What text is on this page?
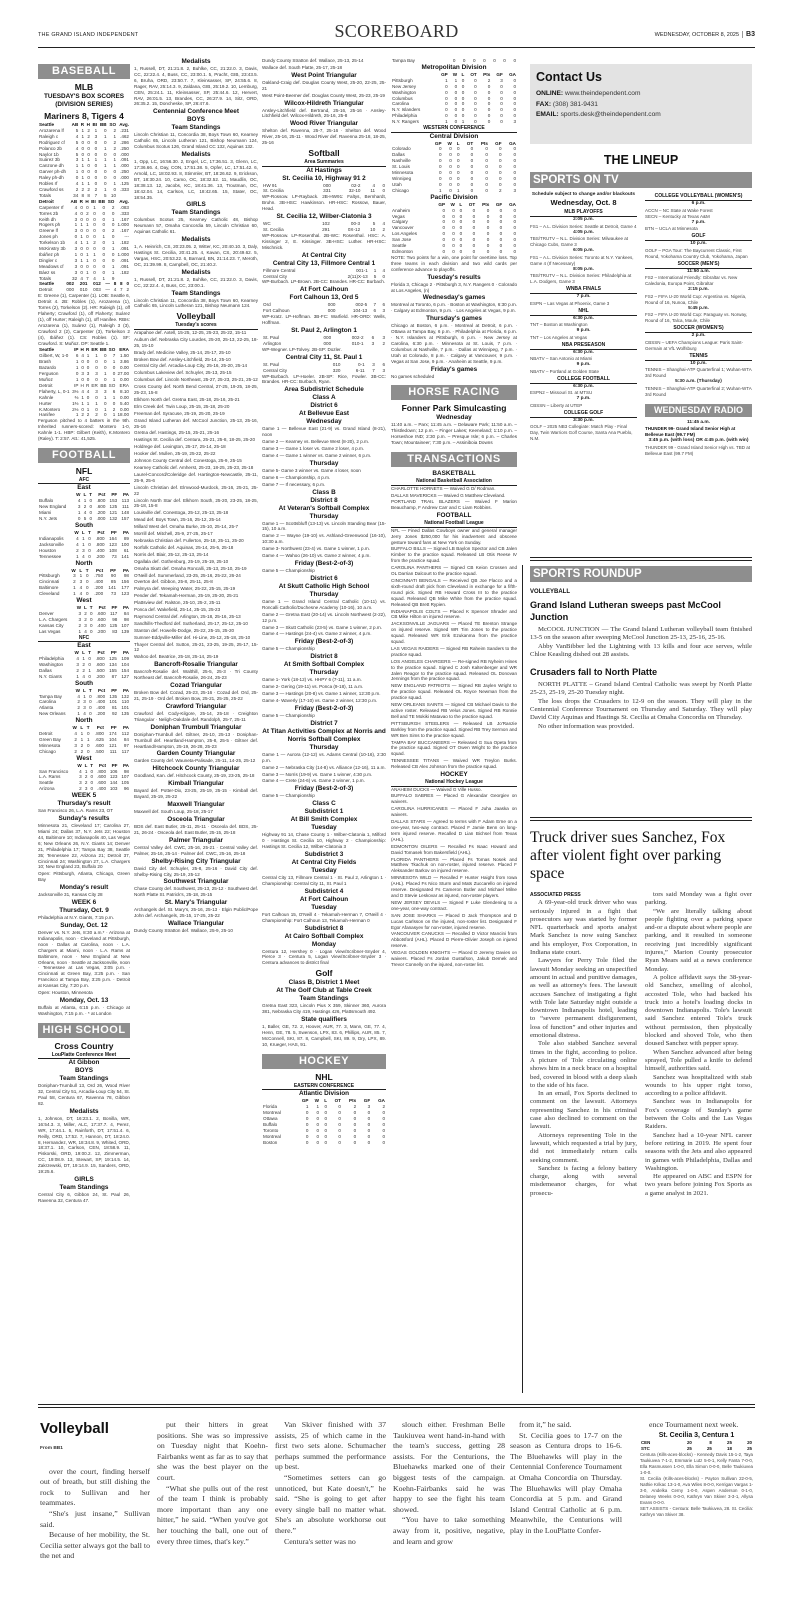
THE GRAND ISLAND INDEPENDENT	SCOREBOARD	WEDNESDAY, OCTOBER 8, 2025 B3
BASEBALL
MLB
TUESDAY'S BOX SCORES (DIVISION SERIES)
Mariners 8, Tigers 4
Seattle	AB	R	H	BI	BB	SO	Avg.
Arozarena lf	5	1	2	1	0	2	.231
Raleigh c	4	1	2	3	1	1	.462
Rodriguez cf	5	0	0	0	0	2	.286
Polanco 2b	4	0	0	0	1	2	.250
Naylor 1b	5	0	0	0	0	0	.000
Suárez 3b	3	1	1	1	1	1	.091
Canzone dh	1	1	0	0	1	1	.000
Garver ph-dh	1	0	0	0	0	0	.250
Raley ph-dh	0	1	0	0	0	0	.000
Robles rf	4	1	1	0	0	1	.125
Crawford ss	2	2	2	2	1	0	.333
Totals	34	8	8	7	5	10	
Detroit	AB	R	H	BI	BB	SO	Avg.
Carpenter rf	4	0	0	1	0	2	.083
Torres 2b	4	0	2	0	0	0	.333
Keith dh	3	0	0	0	0	1	.167
Rogers ph	1	1	1	0	0	0	1.000
Greene lf	3	0	0	0	0	2	.167
Jones ph	0	1	0	0	1	0	---
Torkelson 1b	4	1	1	2	0	1	.182
McKinstry 3b	3	0	0	0	0	1	.091
Ibáñez ph	1	0	1	1	0	0	1.000
Dingler c	3	1	1	0	0	0	.091
Meadows cf	3	0	0	0	0	1	.091
Báez ss	3	0	1	0	0	1	.182
Totals	32	4	7	4	1	9	
Seattle	002	201	012	—	8	8	0
Detroit	000	010	003	—	4	7	2
E: Greene (1), Carpenter (1). LOB: Seattle 6, Detroit 4. 2B: Robles (1), Arozarena (1), Torres (2), Torkelson (2). HR: Raleigh (1), off Flaherty; Crawford (1), off Flaherty; Suárez (1), off Hurter; Raleigh (1), off Hanifee. RBIs: Arozarena (1), Suárez (1), Raleigh 3 (3), Crawford 2 (2), Carpenter (3), Torkelson 2 (4), Ibáñez (1). CS: Robles (1). SF: Crawford. S: Muñoz. DP: Seattle 1.
Seattle	IP	H	R	ER	BB	SO	ERA
Gilbert, W, 1-0	6	4	1	1	0	7	1.50
Brash	1	0	0	0	0	1	3.86
Bazardo	1	0	0	0	0	0	0.00
Ferguson	0	3	3	3	1	0	27.00
Muñoz	1	0	0	0	0	1	0.00
Detroit	IP	H	R	ER	BB	SO	ERA
Flaherty, L, 0-1	3⅓	4	4	3	3	6	8.10
Kahnle	⅔	1	0	0	1	1	0.00
Hurter	1⅔	1	1	1	0	0	5.40
K.Montero	2⅓	0	1	0	1	2	0.00
Hanifee	1	2	2	2	0	1	18.00
Ferguson pitched to 4 batters in the 9th. Inherited runners-scored: Montero 1-0, Kahnle 1-1. HBP: Gilbert (Keith), K.Montero (Raley). T: 2:57. Att.: 41,525.
FOOTBALL
NFL
AFC
East
	W	L	T	Pct	PF	PA
Buffalo	4	1	0	.800	153	113
New England	3	2	0	.600	125	111
Miami	1	4	0	.200	121	148
N.Y. Jets	0	5	0	.000	132	157
South
	W	L	T	Pct	PF	PA
Indianapolis	4	1	0	.800	164	89
Jacksonville	4	1	0	.800	123	100
Houston	2	3	0	.400	108	61
Tennessee	1	4	0	.200	73	141
North
	W	L	T	Pct	PF	PA
Pittsburgh	3	1	0	.750	90	98
Cincinnati	2	3	0	.400	85	156
Baltimore	1	4	0	.200	141	177
Cleveland	1	4	0	.200	73	123
West
	W	L	T	Pct	PF	PA
Denver	3	2	0	.600	117	84
L.A. Chargers	3	2	0	.600	98	98
Kansas City	2	3	0	.400	125	107
Las Vegas	1	4	0	.200	83	139
NFC
East
	W	L	T	Pct	PF	PA
Philadelphia	4	1	0	.800	125	109
Washington	3	2	0	.600	134	104
Dallas	2	2	1	.500	155	154
N.Y. Giants	1	4	0	.200	87	127
South
	W	L	T	Pct	PF	PA
Tampa Bay	4	1	0	.800	135	132
Carolina	2	3	0	.400	101	110
Atlanta	2	3	0	.400	81	101
New Orleans	1	4	0	.200	92	135
North
	W	L	T	Pct	PF	PA
Detroit	4	1	0	.800	174	112
Green Bay	2	1	1	.625	104	84
Minnesota	3	2	0	.600	121	97
Chicago	2	2	0	.500	111	117
West
	W	L	T	Pct	PF	PA
San Francisco	4	1	0	.800	106	98
L.A. Rams	3	2	0	.600	123	107
Seattle	3	2	0	.600	144	105
Arizona	2	3	0	.400	103	96
WEEK 5
Thursday's result
San Francisco 26, L.A. Rams 23, OT
Sunday's results
Minnesota 21, Cleveland 17; Carolina 27, Miami 24; Dallas 37, N.Y. Jets 22; Houston 44, Baltimore 10; Indianapolis 40, Las Vegas 6; New Orleans 26, N.Y. Giants 14; Denver 21, Philadelphia 17; Tampa Bay 38, Seattle 35; Tennessee 22, Arizona 21; Detroit 37, Cincinnati 24; Washington 27, L.A. Chargers 10; New England 23, Buffalo 20
Open: Pittsburgh, Atlanta, Chicago, Green Bay
Monday's result
Jacksonville 31, Kansas City 28
WEEK 6
Thursday, Oct. 9
Philadelphia at N.Y. Giants, 7:15 p.m.
Sunday, Oct. 12
Denver vs. N.Y. Jets, 8:30 a.m.* · Arizona at Indianapolis, noon · Cleveland at Pittsburgh, noon · Dallas at Carolina, noon · L.A. Chargers at Miami, noon · L.A. Rams at Baltimore, noon · New England at New Orleans, noon · Seattle at Jacksonville, noon · Tennessee at Las Vegas, 3:05 p.m. · Cincinnati at Green Bay, 3:25 p.m. · San Francisco at Tampa Bay, 3:25 p.m. · Detroit at Kansas City, 7:20 p.m.
Open: Houston, Minnesota
Monday, Oct. 13
Buffalo at Atlanta, 6:15 p.m. · Chicago at Washington, 7:15 p.m. · * at London
HIGH SCHOOL
Cross Country
LouPlatte Conference Meet
At Gibbon
BOYS
Team Standings
Doniphan-Trumbull 13, Ord 26, Wood River 32, Central City 51, Arcadia-Loup City 54, St. Paul 58, Centura 67, Ravenna 78, Gibbon 82.
Medalists
1, Johnson, DT, 16:23.1. 2, Bonilla, WR, 16:54.3. 3, Miller, ALC, 17:37.7. 4, Perez, WR, 17:44.1. 5, Rainforth, DT, 17:51.4. 6, Reilly, ORD, 17:52. 7, Hannon, DT, 18:24.0. 8, Hernandez, WR, 18:34.8. 9, Whited, ORD, 18:37.1. 10, Carlson, CEN, 18:58.9. 11, Piskorski, ORD, 19:00.2. 12, Zimmerman, CC, 19:08.9. 13, Stewart, SP, 19:14.5. 14, Zakrzewski, DT, 19:14.9. 15, Sanders, ORD, 19:25.6.
GIRLS
Team Standings
Central City 6, Gibbon 24, St. Paul 26, Ravenna 32, Centura 47.
Medalists
1, Russell, DT, 21:21.8. 2, Buhlke, CC, 21:22.0. 3, Davis, CC, 22:22.4. 4, Buss, CC, 23:00.1. 5, Pracht, GIB, 23:43.5. 6, Bruha, ORD, 23:50.7. 7, Kleinsasser, SP, 24:55.6. 8, Rager, RAV, 25:14.3. 9, Zaldana, GIB, 25:19.2. 10, Lemburg, CEN, 25:24.1. 11, Kleinsasser, SP, 25:44.6. 12, Hervert, RAV, 26:01.5. 13, Brandes, CC, 26:27.9. 14, Sitz, ORD, 26:35.2. 15, Doncheske, SP, 26:47.6.
Centennial Conference Meet
BOYS
Team Standings
Lincoln Christian 11, Concordia 38, Boys Town 60, Kearney Catholic 65, Lincoln Lutheran 121, Bishop Neumann 124, Columbus Scotus 126, Grand Island CC 132, Aquinas 132.
Medalists
1, Opp, LC, 16:56.30. 2, Engel, LC, 17:36.51. 3, Glenn, LC, 17:36.66. 4, Day, CON, 17:51.38. 5, Opfer, LC, 17:51.42. 6, Arnold, LC, 18:02.93. 8, Stimmler, BT, 18:26.62. 9, Erickson, BT, 18:30.24. 10, Camo, OC, 18:32.52. 11, Maudlin, OC, 18:38.13. 12, Jacobs, KC, 18:41.36. 13, Troutman, OC, 18:42.04. 14, Carlson, LC, 18:42.65. 15, Stater, OC, 18:54.35.
GIRLS
Team Standings
Columbus Scotus 25, Kearney Catholic 48, Bishop Neumann 57, Omaha Concordia 59, Lincoln Christian 60, Aquinas Catholic 61.
Medalists
1, A. Heinrich, CS, 20:23.05. 2, Witter, KC, 20:40.10. 3, Daly, Hastings St. Cecilia, 20:41.25. 4, Kavan, CS, 20:49.62. 5, Vargas, HSC, 20:53.22. 6, Barnard, BN, 21:14.23. 7, Meroth, OC, 21:39.99. 8, Campbell, OC, 21:40.2.
Medalists
1, Russell, DT, 21:21.8. 2, Buhlke, CC, 21:22.0. 3, Davis, CC, 22:22.4. 4, Buss, CC, 23:00.1.
Team Standings
Lincoln Christian 11, Concordia 38, Boys Town 60, Kearney Catholic 65, Lincoln Lutheran 121, Bishop Neumann 124.
Volleyball
Tuesday's scores
Arapahoe def. Axtell, 15-25, 12-25, 25-23, 25-22, 15-11
Auburn def. Nebraska City Lourdes, 25-20, 25-13, 22-25, 18-25, 15-10
Brady def. Medicine Valley, 25-14, 25-17, 25-10
Broken Bow def. Ansley-Litchfield, 25-14, 25-10
Central City def. Arcadia-Loup City, 25-16, 25-20, 25-14
Columbus Lakeview def. Schuyler, 25-13, 25-15
Columbus def. Lincoln Northeast, 25-27, 25-23, 25-21, 25-12
Cross County def. North Bend Central, 27-25, 19-25, 18-25, 25-23, 15-8
Elkhorn North def. Gretna East, 25-18, 25-16, 25-21
Elm Creek def. Twin Loup, 25-15, 25-18, 25-20
Freeman def. Syracuse, 25-19, 25-20, 25-19
Grand Island Lutheran def. McCool Junction, 25-13, 25-16, 25-16
Gretna def. Hastings, 25-15, 25-21, 25-16
Hastings St. Cecilia def. Centura, 25-21, 25-8, 18-25, 25-20
Holdrege def. Lexington, 25-17, 25-14, 25-18
Hooker def. Mullen, 25-19, 25-22, 25-22
Johnson County Central def. Conestoga, 25-9, 25-15
Kearney Catholic def. Amherst, 25-23, 18-25, 25-23, 25-18
Laurel-Concord/Coleridge def. Hartington-Newcastle, 25-11, 25-9, 25-6
Lincoln Christian def. Elmwood-Murdock, 25-16, 25-21, 25-22
Lincoln North Star def. Elkhorn South, 25-20, 23-25, 18-25, 25-18, 15-8
Louisville def. Conestoga, 25-12, 25-13, 25-18
Mead def. Boys Town, 25-16, 25-12, 25-14
Millard West def. Omaha Burke, 25-10, 25-14, 25-7
Morrill def. Mitchell, 25-9, 27-25, 25-17
Nebraska Christian def. Fullerton, 25-18, 25-11, 25-20
Norfolk Catholic def. Aquinas, 25-14, 25-5, 25-18
Norris def. Blair, 25-12, 25-13, 25-14
Ogallala def. Gothenburg, 25-19, 25-19, 25-10
Omaha Skutt def. Omaha Roncalli, 25-13, 25-10, 25-19
O'Neill def. Summerland, 23-25, 25-16, 25-22, 26-24
Overton def. Gibbon, 25-8, 25-11, 25-8
Palmyra def. Weeping Water, 25-22, 25-15, 25-19
Pender def. Tekamah-Herman, 25-19, 25-20, 25-21
Plattsview def. Ralston, 25-10, 25-2, 25-11
Ponca def. Wakefield, 25-14, 25-15, 25-23
Raymond Central def. Arlington, 25-18, 25-16, 25-13
Sandhills-Thedford def. Sutherland, 25-17, 25-12, 25-10
Stanton def. Howells-Dodge, 25-22, 25-15, 25-20
Sumner-Eddyville-Miller def. Hi-Line, 25-12, 25-18, 25-10
Thayer Central def. Sutton, 25-21, 23-25, 19-25, 25-17, 15-12
Wahoo def. Beatrice, 25-18, 25-14, 25-19
Bancroft-Rosalie Triangular
Bancroft-Rosalie def. Walthill, 25-5, 25-3 · Tri County Northeast def. Bancroft-Rosalie, 26-24, 25-23
Cozad Triangular
Broken Bow def. Cozad, 25-23, 25-16 · Cozad def. Ord, 25-21, 25-19 · Ord def. Broken Bow, 25-21, 25-25, 25-22
Crawford Triangular
Crawford def. Cody-Kilgore, 25-14, 25-18 · Creighton Triangular · Neligh-Oakdale def. Randolph, 25-7, 25-11
Doniphan Trumbull Triangular
Doniphan-Trumbull def. Giltner, 25-10, 25-13 · Doniphan-Trumbull def. Heartland-Hampton, 25-8, 25-5 · Giltner def. Heartland/Hampton, 25-19, 26-28, 25-23
Garden County Triangular
Garden County def. Wauneta-Palisade, 25-11, 14-25, 25-12
Hitchcock County Triangular
Goodland, Kan. def. Hitchcock County, 25-19, 23-25, 25-18
Kimball Triangular
Bayard def. Potter-Dix, 23-25, 25-19, 25-15 · Kimball def. Bayard, 25-19, 25-22
Maxwell Triangular
Maxwell def. South Loup, 25-18, 25-17
Osceola Triangular
BDS def. East Butler, 25-11, 25-11 · Osceola def. BDS, 25-21, 26-24 · Osceola def. East Butler, 25-15, 25-18
Palmer Triangular
Central Valley def. CWC, 25-16, 25-21 · Central Valley def. Palmer, 25-16, 25-14 · Palmer def. CWC, 25-16, 25-18
Shelby-Rising City Triangular
David City def. Schuyler, 25-8, 25-16 · David City def. Shelby-Rising City, 25-19, 25-12
Southwest Triangular
Chase County def. Southwest, 25-13, 25-12 · Southwest def. North Platte St. Patrick's, 25-18, 25-15
St. Mary's Triangular
Archangels def. St. Mary's, 25-16, 25-13 · Elgin Public/Pope John def. Archangels, 25-15, 17-25, 25-22
Wallace Triangular
Dundy County Stratton def. Wallace, 25-9, 25-10
Dundy County Stratton def. Wallace, 25-13, 25-14
Wallace def. South Platte, 25-17, 25-18
West Point Triangular
Oakland-Craig def. Douglas County West, 25-20, 22-25, 25-21
West Point-Beemer def. Douglas County West, 25-23, 25-19
Wilcox-Hildreth Triangular
Ansley-Litchfield def. Bertrand, 25-16, 25-16 · Ansley-Litchfield def. Wilcox-Hildreth, 25-16, 25-8
Wood River Triangular
Shelton def. Ravenna, 25-7, 25-16 · Shelton def. Wood River, 25-16, 25-11 · Wood River def. Ravenna 25-18, 18-25, 25-16
Softball
Area Summaries
At Hastings
St. Cecilia 10, Highway 91 2
HW 91	000	02-2	4	0
St. Cecilia	331	32-10	11	0
WP-Rossow. LP-Rayback. 2B-HW91: Faltys, Bernhardt, Bruhn. 3B-HSC: Hawkinson. HR-HSC: Rossow, Bauer, Head.
St. Cecilia 12, Wilber-Clatonia 3
WC	102	00-3	5	4
St. Cecilia	291	0X-12	10	2
WP-Rossow. LP-Rosenthal. 2B-WC: Rosenthal. HSC: A. Kissinger 2, E. Kissinger. 3B-HSC: Luther. HR-HSC: Mischnick.
At Central City
Central City 13, Fillmore Central 1
Fillmore Central	001-1	1	4
Central City	2(11)X-13	5	0
WP-Burbach. LP-Brown. 2B-CC: Brandes. HR-CC: Burbach.
At Fort Calhoun
Fort Calhoun 13, Ord 5
Ord	000	002-5	7	6
Fort Calhoun	000	104-13	6	3
WP-Kratz. LP-Hoffman. 3B-FC: Warfield. HR-ORD: Wells, Hoffman.
St. Paul 2, Arlington 1
St. Paul	000	002-2	6	3
Arlington	000	010-1	3	2
WP-Wegner. LP-Tolvey. 2B-SP: Dozler.
Central City 11, St. Paul 1
St. Paul	010	0-1	3	6
Central City	320	6-11	7	3
WP-Burbach. LP-Hoeler. 2B-SP: Rice, Fowler. 3B-CC: Brandes. HR-CC: Burbach, Ryan.
Area Subdistrict Schedule
Class A
District 6
At Bellevue East
Wednesday
Game 1 — Bellevue East (21-9) vs. Grand Island (8-21), noon
Game 2 — Kearney vs. Bellevue West (8-20), 2 p.m.
Game 3 — Game 1 loser vs. Game 2 loser, 4 p.m.
Game 4 — Game 1 winner vs. Game 2 winner, 6 p.m.
Thursday
Game 5- Game 3 winner vs. Game 4 loser, noon
Game 6 — Championship, 4 p.m.
Game 7 — If necessary, 6 p.m.
Class B
District 8
At Veteran's Softball Complex
Thursday
Game 1 — Scottsbluff (13-13) vs. Lincoln Standing Bear (15-15), 10 a.m.
Game 2 — Wayne (19-10) vs. Ashland-Greenwood (16-10), 10:30 a.m.
Game 3- Northwest (23-4) vs. Game 1 winner, 1 p.m.
Game 4 — Wahoo (26-10) vs. Game 2 winner, 4 p.m.
Friday (Best-2-of-3)
Game 5 — Championship
District 6
At Skutt Catholic High School
Thursday
Game 1 — Grand Island Central Catholic (10-11) vs. Roncalli Catholic/Duchesne Academy (10-16), 10 a.m.
Game 2 — Gretna East (20-14) vs. Lincoln Northwest (2-22), 12 p.m.
Game 3 — Skutt Catholic (23-5) vs. Game 1 winner, 2 p.m.
Game 4 — Hastings (24-4) vs. Game 2 winner, 4 p.m.
Friday (Best-2-of-3)
Game 5 — Championship
District 8
At Smith Softball Complex
Thursday
Game 1- York (18-12) vs. HHPY 6 (7-11), 11 a.m.
Game 2- Gering (19-11) vs. Ponca (9-18), 11 a.m.
Game 3 — Hastings (20-8) vs. Game 1 winner, 12:30 p.m.
Game 4- Waverly (17-10) vs. Game 2 winner, 12:30 p.m.
Friday (Best-2-of-3)
Game 5 — Championship
District 7
At Titan Activities Complex at Norris and Norris Softball Complex
Thursday
Game 1 — Aurora (12-12) vs. Adams Central (10-16), 2:30 p.m.
Game 2 — Nebraska City (14-8) vs. Alliance (12-16), 11 a.m.
Game 3 — Norris (19-9) vs. Game 1 winner, 4:30 p.m.
Game 4 — Crete (24-6) vs. Game 2 winner, 1 p.m.
Friday (Best-2-of-3)
Game 5 — Championship
Class C
Subdistrict 1
At Bill Smith Complex
Tuesday
Highway 91 14, Chase County 1 · Wilber-Clatonia 1, Milford 0 · Hastings St. Cecilia 10, Highway 2 · Championship: Hastings St. Cecilia 12, Wilber-Clatonia 3
Subdistrict 3
At Central City Fields
Tuesday
Central City 13, Fillmore Central 1 · St. Paul 2, Arlington 1 · Championship: Central City 11, St. Paul 1
Subdistrict 4
At Fort Calhoun
Tuesday
Fort Calhoun 15, O'Neill 4 · Tekamah-Herman 7, O'Neill 4 · Championship: Fort Calhoun 13, Tekamah-Herman 0
Subdistrict 8
At Cairo Softball Complex
Monday
Centura 12, Hershey 0 · Logan View/Scribner-Snyder 4, Pierce 3 · Centura 5, Logan View/Scribner-Snyder 3 · Centura advances to district final
Golf
Class B, District 1 Meet
At The Golf Club at Table Creek
Team Standings
Gretna East 323, Lincoln Pius X 359, Skinner 360, Aurora 381, Nebraska City 419, Hastings 426, Plattsmouth 492.
State qualifiers
1, Baller, GE, 72. 2, Hoover, AUR, 77. 3, Mann, GE, 77. 4, Henn, GE, 78. 5, Swenson, LPX, 83. 6, Phillips, AUR, 85. 7, McConnell, SKI, 87. 8, Campbell, SKI, 89. 9, Dry, LPX, 89. 10, Krueger, HAS, 91.
HOCKEY
NHL
EASTERN CONFERENCE
Atlantic Division
	GP	W	L	OT	Pts	GF	GA
Florida	1	1	0	0	2	3	2
Montreal	0	0	0	0	0	0	0
Ottawa	0	0	0	0	0	0	0
Buffalo	0	0	0	0	0	0	0
Toronto	0	0	0	0	0	0	0
Montreal	0	0	0	0	0	0	0
Boston	0	0	0	0	0	0	0
Tampa Bay	0	0	0	0	0	0	0
Metropolitan Division
	GP	W	L	OT	Pts	GF	GA
Pittsburgh	1	1	0	0	2	3	0
New Jersey	0	0	0	0	0	0	0
Washington	0	0	0	0	0	0	0
Columbus	0	0	0	0	0	0	0
Carolina	0	0	0	0	0	0	0
N.Y. Islanders	0	0	0	0	0	0	0
Philadelphia	0	0	0	0	0	0	0
N.Y. Rangers	1	0	1	0	0	0	3
WESTERN CONFERENCE
Central Division
	GP	W	L	OT	Pts	GF	GA
Colorado	0	0	0	0	0	0	0
Dallas	0	0	0	0	0	0	0
Nashville	0	0	0	0	0	0	0
St. Louis	0	0	0	0	0	0	0
Minnesota	0	0	0	0	0	0	0
Winnipeg	0	0	0	0	0	0	0
Utah	0	0	0	0	0	0	0
Chicago	1	0	1	0	0	2	3
Pacific Division
	GP	W	L	OT	Pts	GF	GA
Anaheim	0	0	0	0	0	0	0
Vegas	0	0	0	0	0	0	0
Calgary	0	0	0	0	0	0	0
Vancouver	0	0	0	0	0	0	0
Los Angeles	0	0	0	0	0	0	0
San Jose	0	0	0	0	0	0	0
Seattle	0	0	0	0	0	0	0
Edmonton	0	0	0	0	0	0	0
NOTE: Two points for a win, one point for overtime loss. Top three teams in each division and two wild cards per conference advance to playoffs.
Tuesday's results
Florida 3, Chicago 2 · Pittsburgh 3, N.Y. Rangers 0 · Colorado at Los Angeles, (n)
Wednesday's games
Montreal at Toronto, 6 p.m. · Boston at Washington, 6:30 p.m. · Calgary at Edmonton, 9 p.m. · Los Angeles at Vegas, 9 p.m.
Thursday's games
Chicago at Boston, 6 p.m. · Montreal at Detroit, 6 p.m. · Ottawa at Tampa Bay, 6 p.m. · Philadelphia at Florida, 6 p.m. · N.Y. Islanders at Pittsburgh, 6 p.m. · New Jersey at Carolina, 6:30 p.m. · Minnesota at St. Louis, 7 p.m. · Columbus at Nashville, 7 p.m. · Dallas at Winnipeg, 7 p.m. · Utah at Colorado, 8 p.m. · Calgary at Vancouver, 9 p.m. · Vegas at San Jose, 9 p.m. · Anaheim at Seattle, 9 p.m.
Friday's games
No games scheduled
HORSE RACING
Fonner Park Simulcasting
Wednesday
11:40 a.m. – Parx; 11:45 a.m. – Delaware Park; 11:50 a.m. – Thistledown; 12 p.m. – Finger Lakes; Keeneland; 1:10 p.m. – Horseshoe IND; 2:30 p.m. – Presque Isle; 6 p.m. – Charles Town; Mountaineer; 7:30 p.m. – Assiniboia Downs
TRANSACTIONS
BASKETBALL
National Basketball Association
CHARLOTTE HORNETS — Waived G D/ Rodman.
DALLAS MAVERICKS — Waived G Matthew Cleveland.
PORTLAND TRAIL BLAZERS — Waived F Marion Beauchamp, F Andrew Carr and C Liam Robbins.
FOOTBALL
National Football League
NFL — Fined Dallas Cowboys owner and general manager Jerry Jones $250,000 for his inadvertent and obscene gesture toward fans at New York on Sunday.
BUFFALO BILLS — Signed LB Baylon Spector and CB Jalen Kimber to the practice squad. Released LB Otis Reese IV from the practice squad.
CAROLINA PANTHERS — Signed CB Keion Crossen and OL Darrian Dalcourt to the practice squad.
CINCINNATI BENGALS — Received QB Joe Flacco and a sixth-round draft pick from Cleveland in exchange for a fifth-round pick. Signed RB Howard Cross III to the practice squad. Released QB Mike White from the practice squad. Released QB Brett Rypien.
INDIANAPOLIS COLTS — Placed K Spencer Shrader and CB Mike Hilton on injured reserve.
JACKSONVILLE JAGUARS — Placed TE Brenton Strange on injured reserve. Signed WR Tim Jones to the practice squad. Released WR Erik Ezukanma from the practice squad.
LAS VEGAS RAIDERS — Signed RB Raheim Sanders to the practice squad.
LOS ANGELES CHARGERS — Re-signed RB Nyheim Hines to the practice squad. Signed C Josh Kaltenberger and WR Jalen Reagor to the practice squad. Released OL Donovan Jennings from the practice squad.
NEW ENGLAND PATRIOTS — Signed RB Jaylen Wright to the practice squad. Released OL Royce Newman from the practice squad.
NEW ORLEANS SAINTS — Signed CB Michael Davis to the active roster. Released RB Velus Jones. Signed RB Ronnie Bell and TE Mokiki Matavao to the practice squad.
PITTSBURGH STEELERS — Released LB Jo'Ranzie Barkley from the practice squad. Signed RB Trey Sermon and WR Ben Sims to the practice squad.
TAMPA BAY BUCCANEERS — Released G Sua Opeta from the practice squad. Signed OT Owen Wright to the practice squad.
TENNESSEE TITANS — Waived WR Treylon Burks. Released CB Alex Johnson from the practice squad.
HOCKEY
National Hockey League
ANAHEIM DUCKS — Waived G Ville Husso.
BUFFALO SABRES — Placed G Alexandar Georgiev on waivers.
CAROLINA HURRICANES — Placed F Juha Jaaska on waivers.
DALLAS STARS — Agreed to terms with F Adam Erne on a one-year, two-way contract. Placed F Jamie Benn on long-term injured reserve. Recalled D Lian Bichsel from Texas (AHL).
EDMONTON OILERS — Recalled Fs Isaac Howard and David Tomasek from Bakersfield (AHL).
FLORIDA PANTHERS — Placed Fs Tomas Nosek and Matthew Tkachuk on non-roster, injured reserve. Placed F Aleksander Barkov on injured reserve.
MINNESOTA WILD — Recalled F Hunter Haight from Iowa (AHL). Placed Fs Nico Sturm and Mats Zuccarello on injured reserve. Designated Fs Cameron Butler and Michael Milne and D Stevie Leskovar as injured, non-roster players.
NEW JERSEY DEVILS — Signed F Luke Glendening to a one-year, one-way contract.
SAN JOSE SHARKS — Placed D Jack Thompson and D Lucas Carlsson on the injured, non-roster list. Designated F Egor Afanasyev for non-roster, injured reserve.
VANCOUVER CANUCKS — Recalled D Victor Mancini from Abbotsford (AHL). Placed D Pierre-Olivier Joseph on injured reserve.
VEGAS GOLDEN KNIGHTS — Placed D Jeremy Davies on waivers. Placed Fs Jordan Gustafson, Jakub Demek and Trevor Connelly on the injured, non-roster list.
Contact Us
ONLINE: www.theindependent.com
FAX: (308) 381-9431
EMAIL: sports.desk@theindependent.com
THE LINEUP
SPORTS ON TV
Schedule subject to change and/or blackouts
Wednesday, Oct. 8
MLB PLAYOFFS
2:05 p.m.
FS1 – A.L. Division Series: Seattle at Detroit, Game 4
4:05 p.m.
TBS/TRUTV – N.L. Division Series: Milwaukee at Chicago Cubs, Game 3
6:05 p.m.
FS1 – A.L. Division Series: Toronto at N.Y. Yankees, Game 4 (If Necessary)
8:05 p.m.
TBS/TRUTV – N.L. Division Series: Philadelphia at L.A. Dodgers, Game 3
WNBA FINALS
7 p.m.
ESPN – Las Vegas at Phoenix, Game 3
NHL
6:30 p.m.
TNT – Boston at Washington
9 p.m.
TNT – Los Angeles at Vegas
NBA PRESEASON
6:30 p.m.
NBATV – San Antonio at Miami
9 p.m.
NBATV – Portland at Golden State
COLLEGE FOOTBALL
6:30 p.m.
ESPN2 – Missouri St. at MTSU
7 p.m.
CBSSN – Liberty at UTEP
COLLEGE GOLF
3:30 p.m.
GOLF – 2025 NB3 Collegiate: Match Play - Final Day, Twin Warriors Golf Course, Santa Ana Pueblo, N.M.
COLLEGE VOLLEYBALL (WOMEN'S)
6 p.m.
ACCN – NC State at Wake Forest
SECN – Kentucky at Texas A&M
7 p.m.
BTN – UCLA at Minnesota
GOLF
10 p.m.
GOLF – PGA Tour: The Baycurrent Classic, First Round, Yokohama Country Club, Yokohama, Japan
SOCCER (MEN'S)
11:50 a.m.
FS2 – International Friendly: Gibraltar vs. New Caledonia, Europa Point, Gibraltar
2:15 p.m.
FS2 – FIFA U-20 World Cup: Argentina vs. Nigeria, Round of 16, Nunoa, Chile
5:45 p.m.
FS2 – FIFA U-20 World Cup: Paraguay vs. Norway, Round of 16, Talca, Maule, Chile
SOCCER (WOMEN'S)
2 p.m.
CBSSN – UEFA Champions League: Paris Saint-Germain at VfL Wolfsburg
TENNIS
10 p.m.
TENNIS – Shanghai-ATP Quarterfinal 1; Wuhan-WTA 3rd Round
5:30 a.m. (Thursday)
TENNIS – Shanghai-ATP Quarterfinal 2; Wuhan-WTA 3rd Round
WEDNESDAY RADIO
11:45 a.m.
THUNDER 99- Grand Island Senior High at Bellevue East (99.7 FM)
3:45 p.m. (with loss) OR 4:45 p.m. (with win)
THUNDER 99 - Grand Island Senior High vs. TBD at Bellevue East (99.7 FM)
SPORTS ROUNDUP
VOLLEYBALL
Grand Island Lutheran sweeps past McCool Junction

McCOOL JUNCTION — The Grand Island Lutheran volleyball team finished 13-5 on the season after sweeping McCool Junction 25-13, 25-16, 25-16.

Abby VanBibber led the Lightning with 13 kills and four ace serves, while Chloe Keasling dished out 28 assists.

Crusaders fall to North Platte

NORTH PLATTE – Grand Island Central Catholic was swept by North Platte 25-23, 25-19, 25-20 Tuesday night.

The loss drops the Crusaders to 12-9 on the season. They will play in the Centennial Conference Tournament on Thursday and Saturday. They will play David City Aquinas and Hastings St. Cecilia at Omaha Concordia on Thursday.

No other information was provided.

Truck driver sues Sanchez, Fox after violent fight over parking space

ASSOCIATED PRESS

A 69-year-old truck driver who was seriously injured in a fight that prosecutors say was started by former NFL quarterback and sports analyst Mark Sanchez is now suing Sanchez and his employer, Fox Corporation, in Indiana state court.

Lawyers for Perry Tole filed the lawsuit Monday seeking an unspecified amount in actual and punitive damages, as well as attorney's fees. The lawsuit accuses Sanchez of instigating a fight with Tole late Saturday night outside a downtown Indianapolis hotel, leading to “severe permanent disfigurement, loss of function” and other injuries and emotional distress.

Tole also stabbed Sanchez several times in the fight, according to police. A picture of Tole circulating online shows him in a neck brace on a hospital bed, covered in blood with a deep slash to the side of his face.

In an email, Fox Sports declined to comment on the lawsuit. Attorneys representing Sanchez in his criminal case also declined to comment on the lawsuit.

Attorneys representing Tole in the lawsuit, which requested a trial by jury, did not immediately return calls seeking comment.

Sanchez is facing a felony battery charge, along with several misdemeanor charges, for what prosecu-

tors said Monday was a fight over parking.

“We are literally talking about people fighting over a parking space and-or a dispute about where people are parking, and it resulted in someone receiving just incredibly significant injures,” Marion County prosecutor Ryan Mears said at a news conference Monday.

A police affidavit says the 38-year-old Sanchez, smelling of alcohol, accosted Tole, who had backed his truck into a hotel's loading docks in downtown Indianapolis. Tole's lawsuit said Sanchez entered Tole's truck without permission, then physically blocked and shoved Tole, who then doused Sanchez with pepper spray.

When Sanchez advanced after being sprayed, Tole pulled a knife to defend himself, authorities said.

Sanchez was hospitalized with stab wounds to his upper right torso, according to a police affidavit.

Sanchez was in Indianapolis for Fox's coverage of Sunday's game between the Colts and the Las Vegas Raiders.

Sanchez had a 10-year NFL career before retiring in 2019. He spent four seasons with the Jets and also appeared in games with Philadelphia, Dallas and Washington.

He appeared on ABC and ESPN for two years before joining Fox Sports as a game analyst in 2021.

Volleyball
From BB1

over the court, finding herself out of breath, but still dishing the rock to Sullivan and her teammates.

“She's just insane,” Sullivan said.

Because of her mobility, the St. Cecilia setter always got the ball to the net and

put their hitters in great positions. She was so impressive on Tuesday night that Koehn-Fairbanks went as far as to say that she was the best player on the court.

“What she pulls out of the rest of the team I think is probably more important than any one hitter,” he said. “When you've got her touching the ball, one out of every three times, that's key.”

Van Skiver finished with 37 assists, 25 of which came in the first two sets alone. Schumacher perhaps summed the performance up best.

“Sometimes setters can go unnoticed, but Kate doesn't,” he said. “She is going to get after every single ball no matter what. She's an absolute workhorse out there.”

Centura's setter was no

slouch either. Freshman Belle Taukiuvea went hand-in-hand with the team's success, getting 28 assists. For the Centurions, the Bluehawks marked one of their biggest tests of the campaign. Koehn-Fairbanks said he was happy to see the fight his team showed.

“You have to take something away from it, positive, negative, and learn and grow

from it,” he said.

St. Cecilia goes to 17-7 on the season as Centura drops to 16-6. The Bluehawks will play in the Centennial Conference Tournament at Omaha Concordia on Thursday. The Bluehawks will play Omaha Concordia at 5 p.m. and Grand Island Central Catholic at 6 p.m. Meanwhile, the Centurions will play in the LouPlatte Confer-

ence Tournament next week.

St. Cecilia 3, Centura 1
CEN	20	8	25	20
STC	25	25	18	25
Centura (Kills-aces-blocks) - Kennedy Davis 15-1-2, Taya Taukiuvea 7-1-2, Emmarie Lutz 5-0-1, Kelly Fanta 7-0-0, Ella Rasmussen 1-0-0, Ella Simon 0-0-0, Belle Taukiuvea 1-0-0.
St. Cecilia (Kills-aces-blocks) - Payton Sullivan 22-0-5, Nathie Krikac 13-1-0, Ava Wiles 8-0-0, Kerrigan Vargas 1-3-0, Andelka Cerny 1-0-0, Aspen Anderson 0-1-0, Delaney Weeks 0-0-0, Kathryn Van Skiver 3-3-1, Allysa Evans 0-0-0.
SET ASSISTS - Centura: Belle Taukiuvea, 28. St. Cecilia: Kathryn Van Skiver 38.
